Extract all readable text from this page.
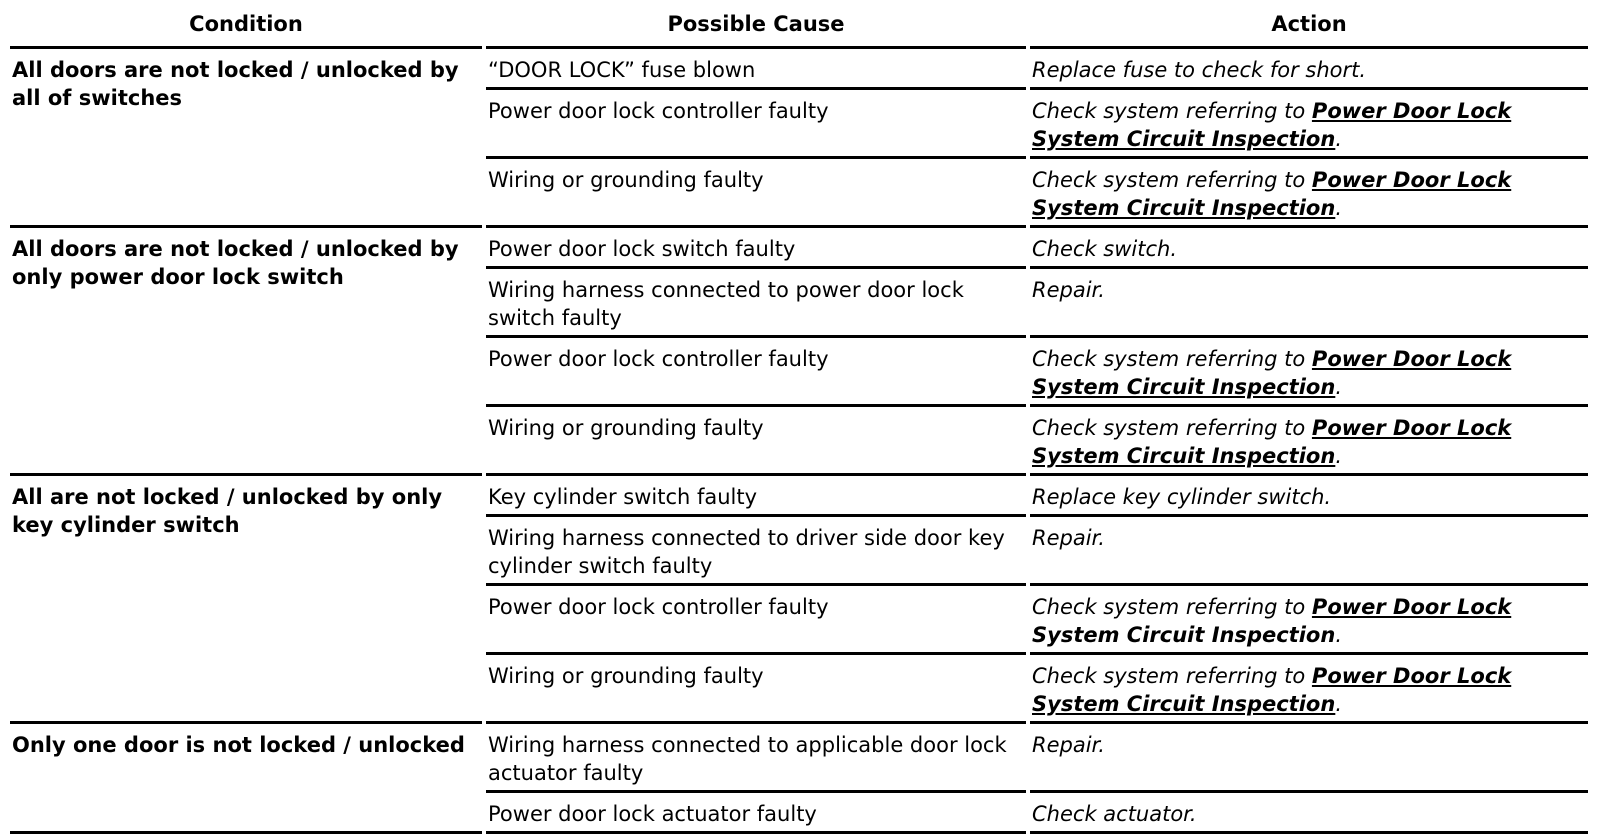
Condition	Possible Cause	Action
All doors are not locked / unlocked by all of switches	“DOOR LOCK” fuse blown	Replace fuse to check for short.
	Power door lock controller faulty	Check system referring to Power Door Lock System Circuit Inspection.
	Wiring or grounding faulty	Check system referring to Power Door Lock System Circuit Inspection.
All doors are not locked / unlocked by only power door lock switch	Power door lock switch faulty	Check switch.
	Wiring harness connected to power door lock switch faulty	Repair.
	Power door lock controller faulty	Check system referring to Power Door Lock System Circuit Inspection.
	Wiring or grounding faulty	Check system referring to Power Door Lock System Circuit Inspection.
All are not locked / unlocked by only key cylinder switch	Key cylinder switch faulty	Replace key cylinder switch.
	Wiring harness connected to driver side door key cylinder switch faulty	Repair.
	Power door lock controller faulty	Check system referring to Power Door Lock System Circuit Inspection.
	Wiring or grounding faulty	Check system referring to Power Door Lock System Circuit Inspection.
Only one door is not locked / unlocked	Wiring harness connected to applicable door lock actuator faulty	Repair.
	Power door lock actuator faulty	Check actuator.
